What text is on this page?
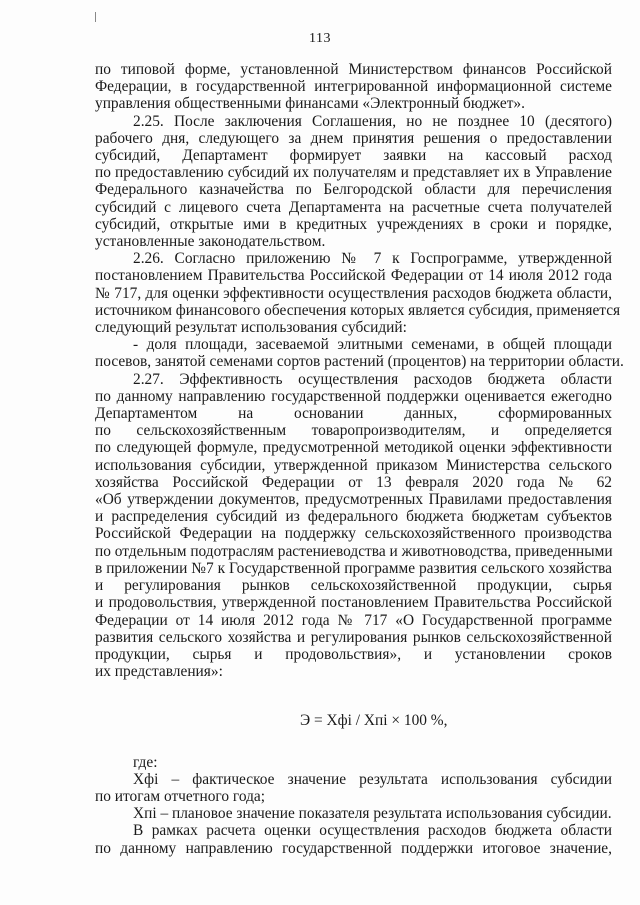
113
по типовой форме, установленной Министерством финансов Российской
Федерации, в государственной интегрированной информационной системе
управления общественными финансами «Электронный бюджет».
2.25. После заключения Соглашения, но не позднее 10 (десятого)
рабочего дня, следующего за днем принятия решения о предоставлении
субсидий, Департамент формирует заявки на кассовый расход
по предоставлению субсидий их получателям и представляет их в Управление
Федерального казначейства по Белгородской области для перечисления
субсидий с лицевого счета Департамента на расчетные счета получателей
субсидий, открытые ими в кредитных учреждениях в сроки и порядке,
установленные законодательством.
2.26. Согласно приложению № 7 к Госпрограмме, утвержденной
постановлением Правительства Российской Федерации от 14 июля 2012 года
№ 717, для оценки эффективности осуществления расходов бюджета области,
источником финансового обеспечения которых является субсидия, применяется
следующий результат использования субсидий:
- доля площади, засеваемой элитными семенами, в общей площади
посевов, занятой семенами сортов растений (процентов) на территории области.
2.27. Эффективность осуществления расходов бюджета области
по данному направлению государственной поддержки оценивается ежегодно
Департаментом на основании данных, сформированных
по сельскохозяйственным товаропроизводителям, и определяется
по следующей формуле, предусмотренной методикой оценки эффективности
использования субсидии, утвержденной приказом Министерства сельского
хозяйства Российской Федерации от 13 февраля 2020 года № 62
«Об утверждении документов, предусмотренных Правилами предоставления
и распределения субсидий из федерального бюджета бюджетам субъектов
Российской Федерации на поддержку сельскохозяйственного производства
по отдельным подотраслям растениеводства и животноводства, приведенными
в приложении №7 к Государственной программе развития сельского хозяйства
и регулирования рынков сельскохозяйственной продукции, сырья
и продовольствия, утвержденной постановлением Правительства Российской
Федерации от 14 июля 2012 года № 717 «О Государственной программе
развития сельского хозяйства и регулирования рынков сельскохозяйственной
продукции, сырья и продовольствия», и установлении сроков
их представления»:
Э = Xфi / Xпi × 100 %,
где:
Xфi – фактическое значение результата использования субсидии
по итогам отчетного года;
Xпi – плановое значение показателя результата использования субсидии.
В рамках расчета оценки осуществления расходов бюджета области
по данному направлению государственной поддержки итоговое значение,
